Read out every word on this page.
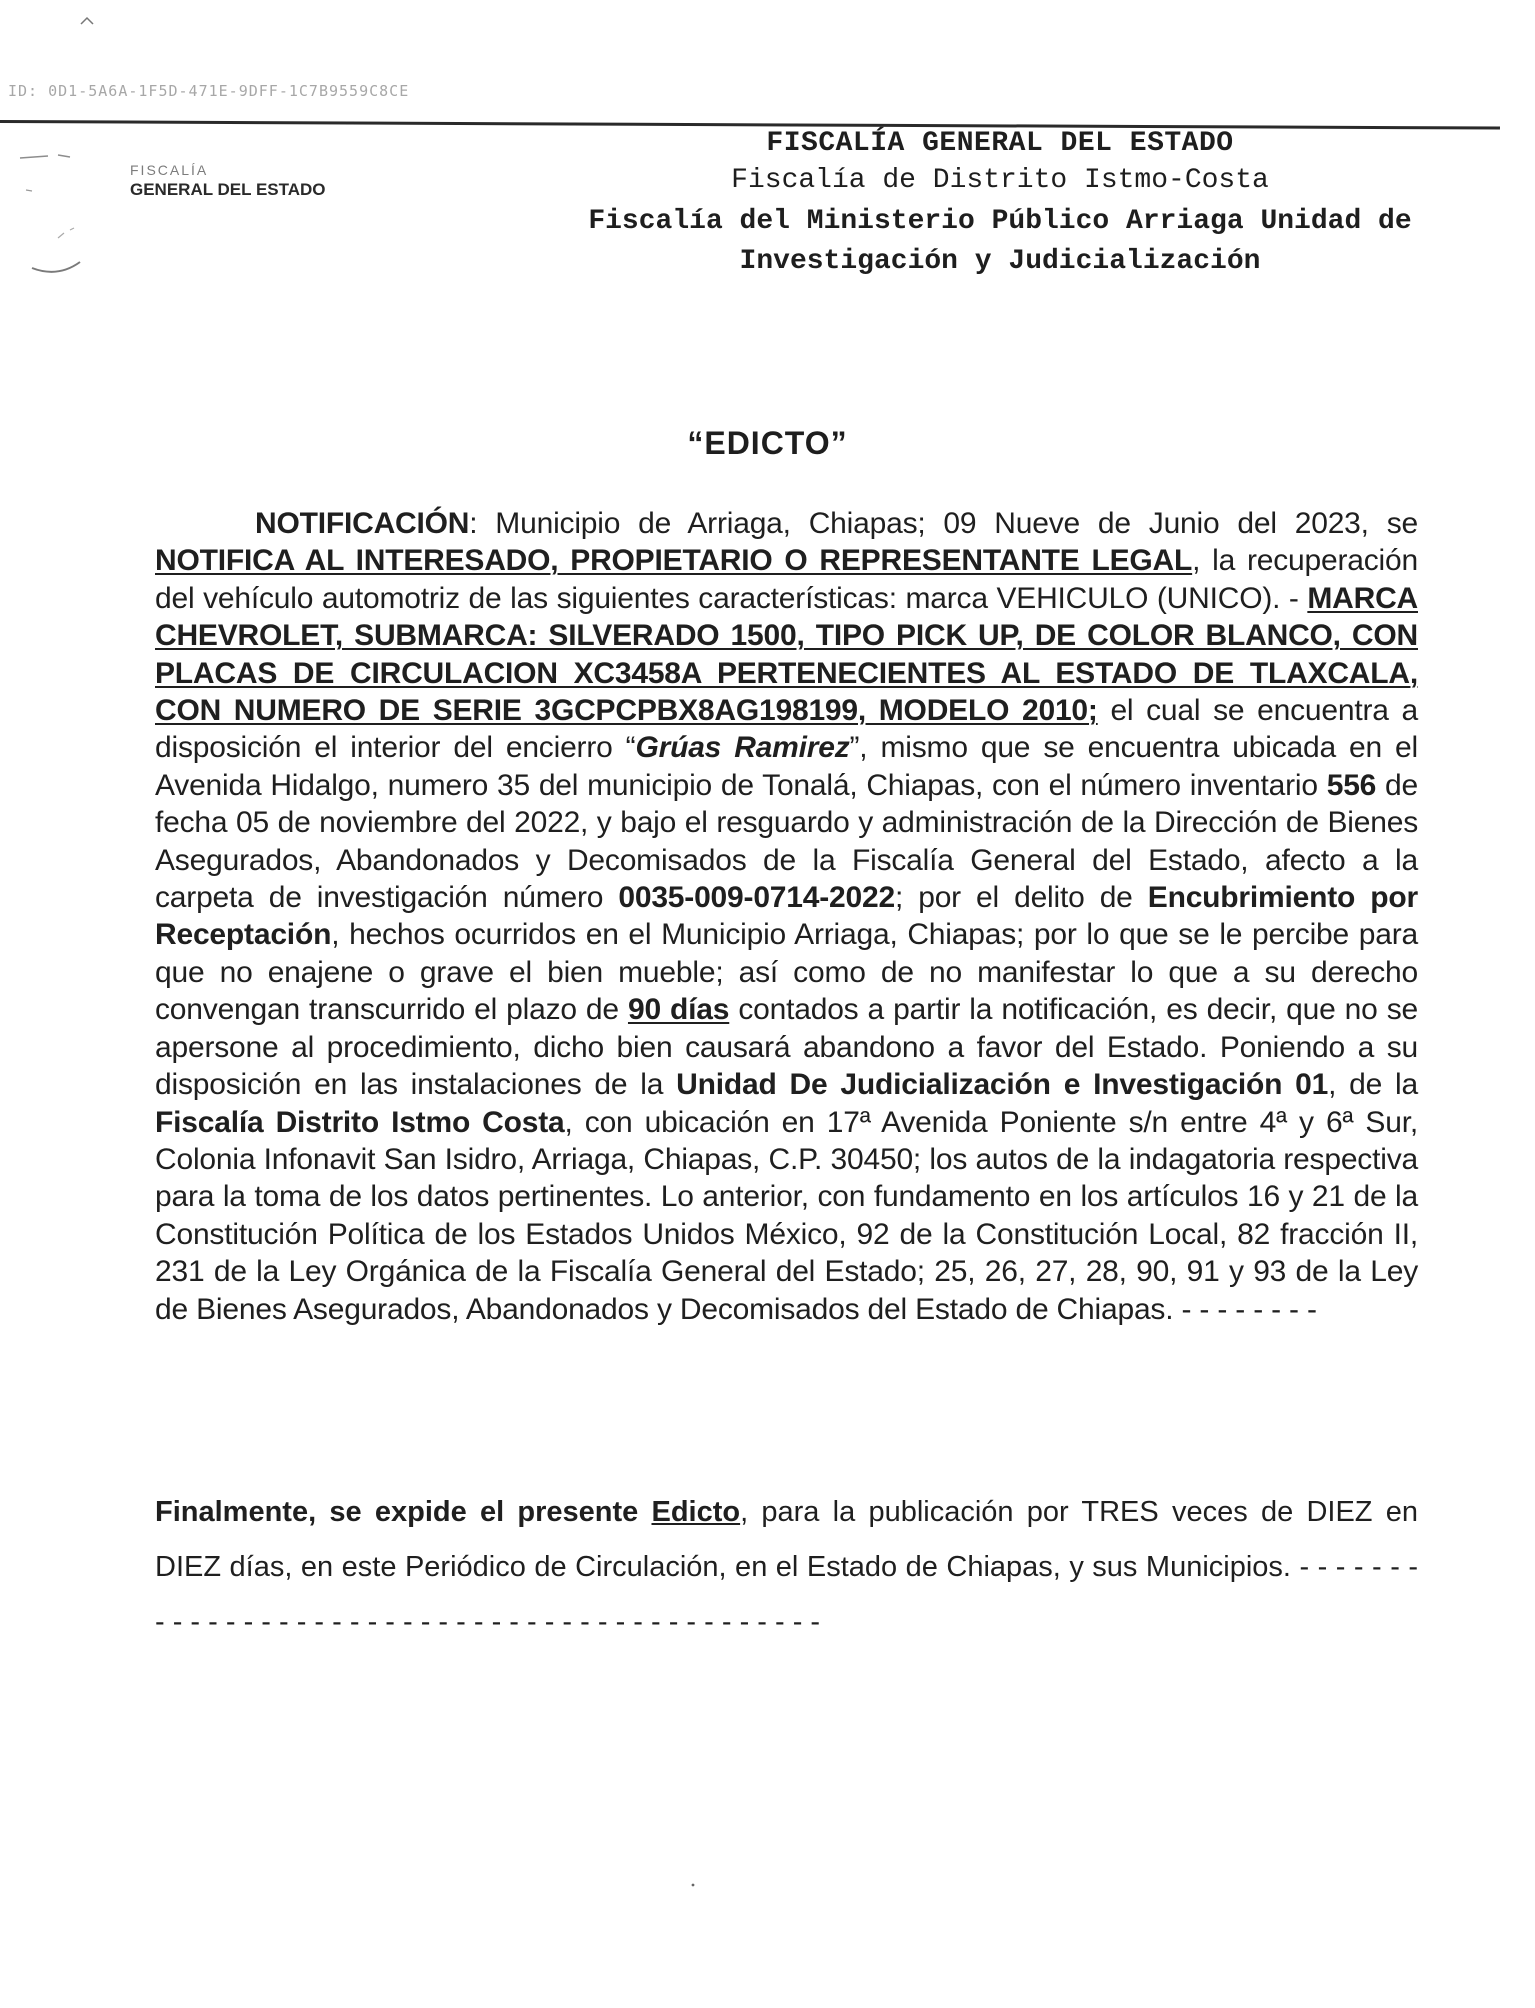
ID: 0D1-5A6A-1F5D-471E-9DFF-1C7B9559C8CE
FISCALÍA
GENERAL DEL ESTADO
FISCALÍA GENERAL DEL ESTADO
Fiscalía de Distrito Istmo-Costa
Fiscalía del Ministerio Público Arriaga Unidad de Investigación y Judicialización
“EDICTO”
NOTIFICACIÓN: Municipio de Arriaga, Chiapas; 09 Nueve de Junio del 2023, se NOTIFICA AL INTERESADO, PROPIETARIO O REPRESENTANTE LEGAL, la recuperación del vehículo automotriz de las siguientes características: marca VEHICULO (UNICO). - MARCA CHEVROLET, SUBMARCA: SILVERADO 1500, TIPO PICK UP, DE COLOR BLANCO, CON PLACAS DE CIRCULACION XC3458A PERTENECIENTES AL ESTADO DE TLAXCALA, CON NUMERO DE SERIE 3GCPCPBX8AG198199, MODELO 2010; el cual se encuentra a disposición el interior del encierro “Grúas Ramirez”, mismo que se encuentra ubicada en el Avenida Hidalgo, numero 35 del municipio de Tonalá, Chiapas, con el número inventario 556 de fecha 05 de noviembre del 2022, y bajo el resguardo y administración de la Dirección de Bienes Asegurados, Abandonados y Decomisados de la Fiscalía General del Estado, afecto a la carpeta de investigación número 0035-009-0714-2022; por el delito de Encubrimiento por Receptación, hechos ocurridos en el Municipio Arriaga, Chiapas; por lo que se le percibe para que no enajene o grave el bien mueble; así como de no manifestar lo que a su derecho convengan transcurrido el plazo de 90 días contados a partir la notificación, es decir, que no se apersone al procedimiento, dicho bien causará abandono a favor del Estado. Poniendo a su disposición en las instalaciones de la Unidad De Judicialización e Investigación 01, de la Fiscalía Distrito Istmo Costa, con ubicación en 17ª Avenida Poniente s/n entre 4ª y 6ª Sur, Colonia Infonavit San Isidro, Arriaga, Chiapas, C.P. 30450; los autos de la indagatoria respectiva para la toma de los datos pertinentes. Lo anterior, con fundamento en los artículos 16 y 21 de la Constitución Política de los Estados Unidos México, 92 de la Constitución Local, 82 fracción II, 231 de la Ley Orgánica de la Fiscalía General del Estado; 25, 26, 27, 28, 90, 91 y 93 de la Ley de Bienes Asegurados, Abandonados y Decomisados del Estado de Chiapas. - - - - - - - -
Finalmente, se expide el presente Edicto, para la publicación por TRES veces de DIEZ en DIEZ días, en este Periódico de Circulación, en el Estado de Chiapas, y sus Municipios. - - - - - - - - - - - - - - - - - - - - - - - - - - - - - - - - - - - - - - - - - - - - -
